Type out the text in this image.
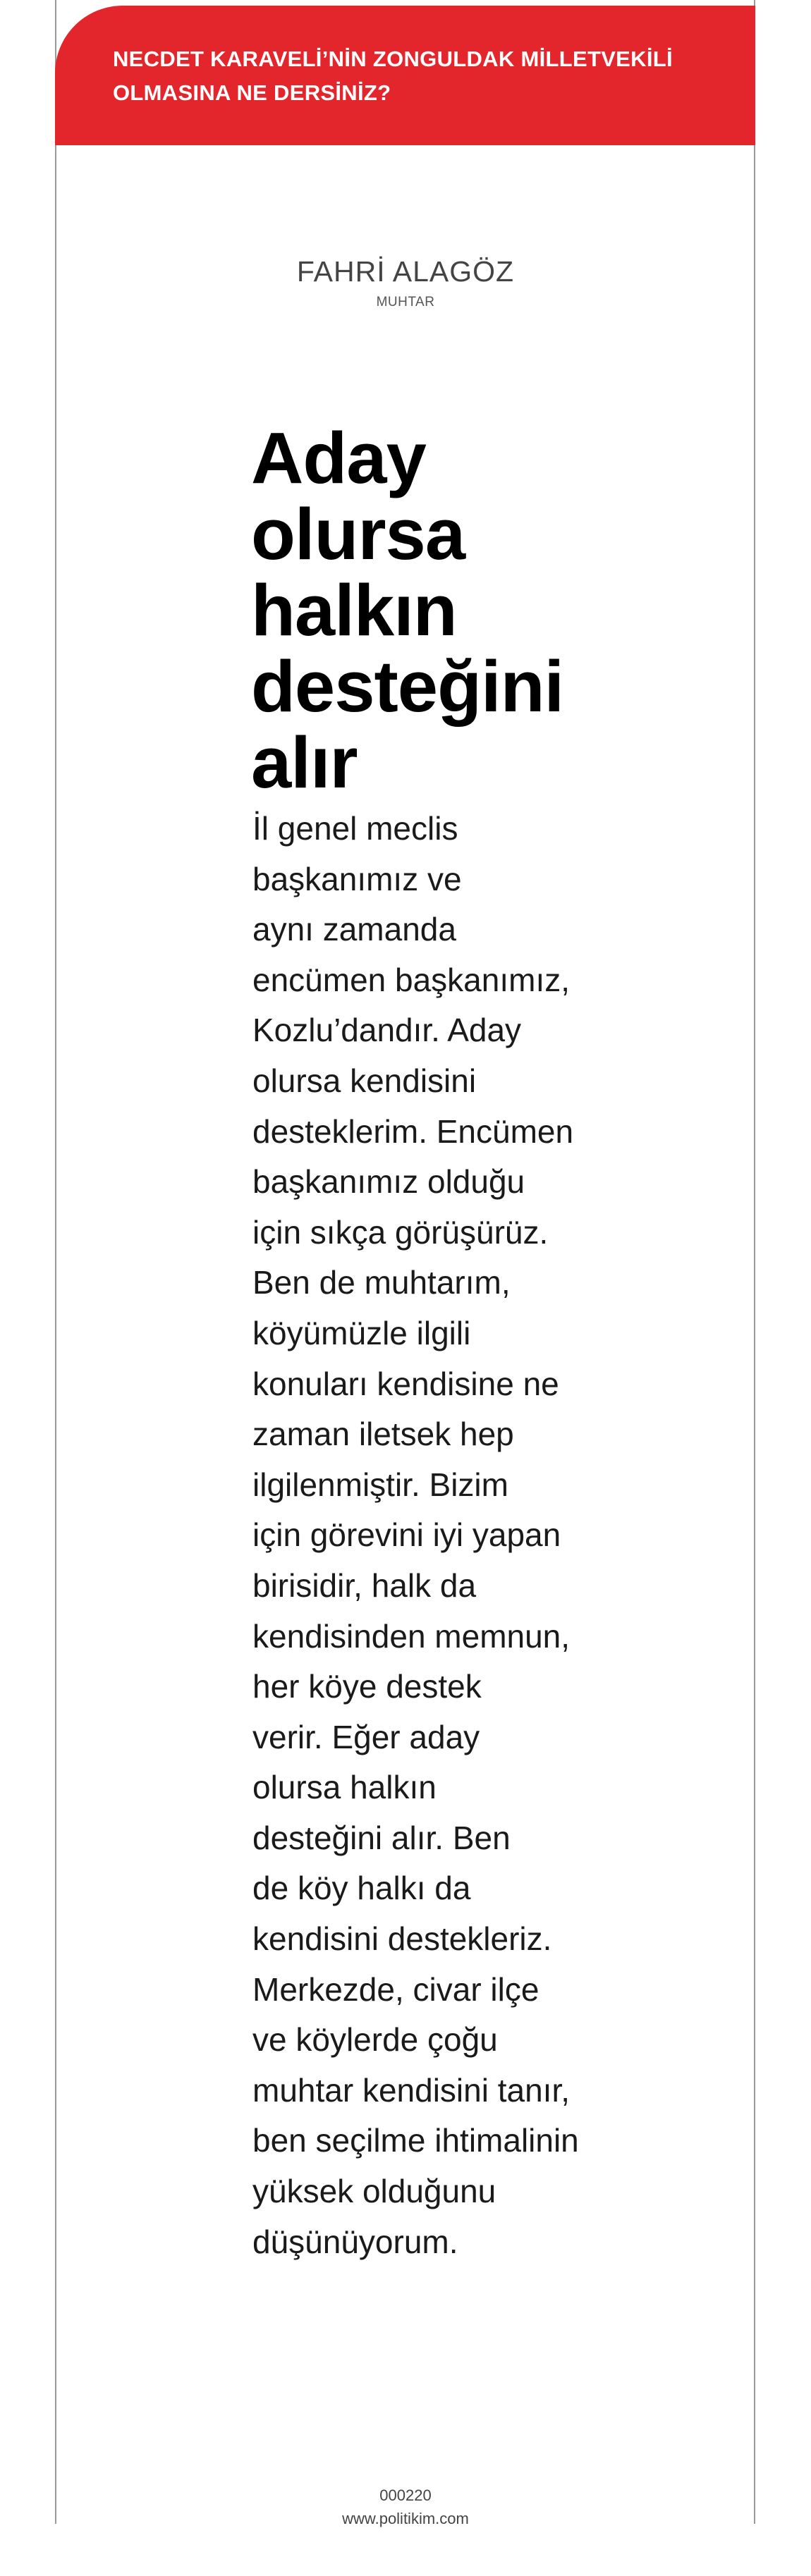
NECDET KARAVELİ’NİN ZONGULDAK MİLLETVEKİLİ
OLMASINA NE DERSİNİZ?
FAHRİ ALAGÖZ
MUHTAR
Aday
olursa
halkın
desteğini
alır

İl genel meclis
başkanımız ve
aynı zamanda
encümen başkanımız,
Kozlu’dandır. Aday
olursa kendisini
desteklerim. Encümen
başkanımız olduğu
için sıkça görüşürüz.
Ben de muhtarım,
köyümüzle ilgili
konuları kendisine ne
zaman iletsek hep
ilgilenmiştir. Bizim
için görevini iyi yapan
birisidir, halk da
kendisinden memnun,
her köye destek
verir. Eğer aday
olursa halkın
desteğini alır. Ben
de köy halkı da
kendisini destekleriz.
Merkezde, civar ilçe
ve köylerde çoğu
muhtar kendisini tanır,
ben seçilme ihtimalinin
yüksek olduğunu
düşünüyorum.

000220
www.politikim.com
